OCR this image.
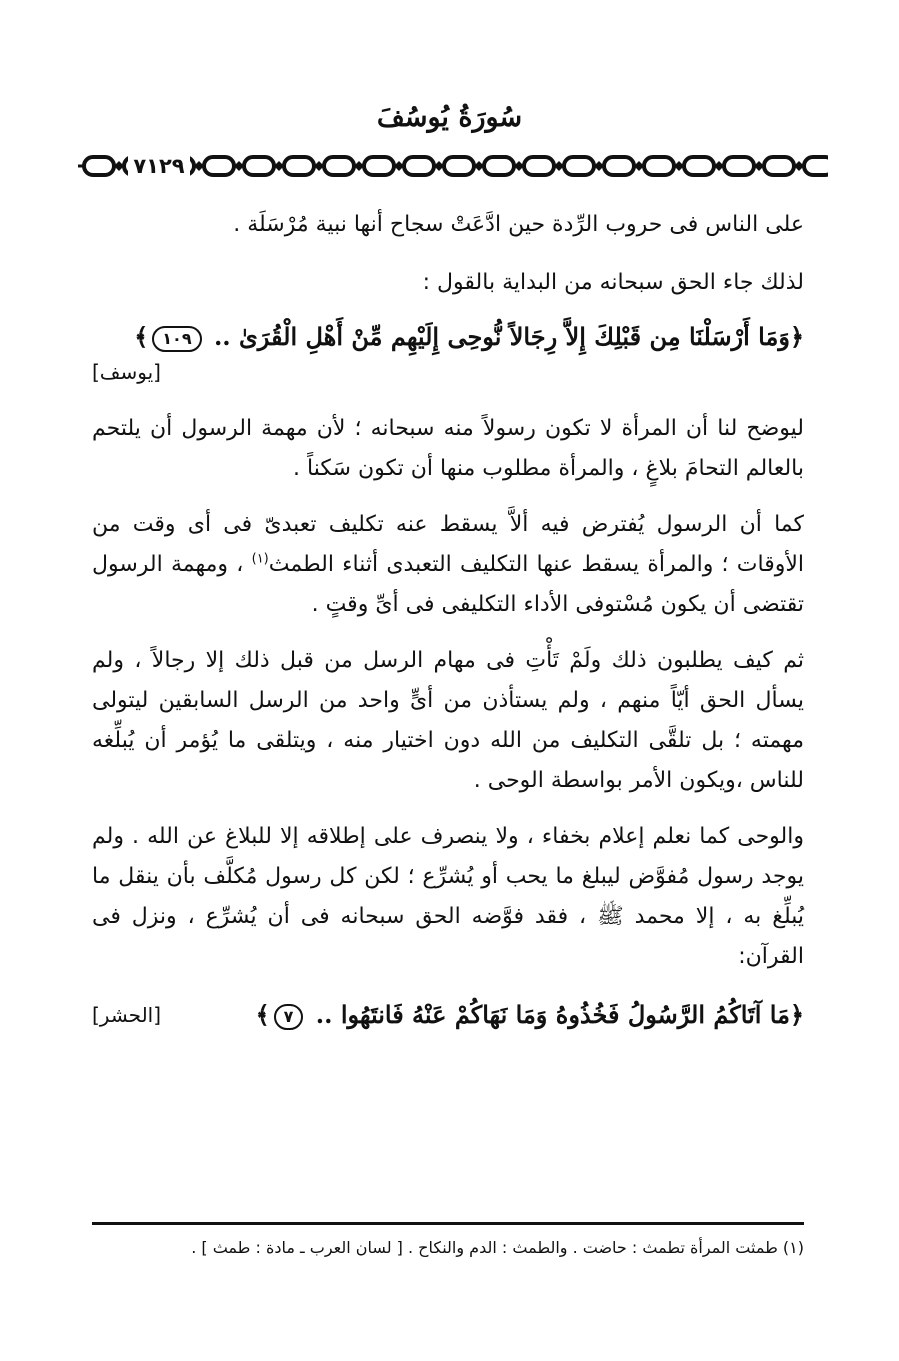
سُورَةُ يُوسُفَ
٧١٢٩

على الناس فى حروب الرِّدة حين ادَّعَتْ سجاح أنها نبية مُرْسَلَة .

لذلك جاء الحق سبحانه من البداية بالقول :

﴿وَمَا أَرْسَلْنَا مِن قَبْلِكَ إِلاَّ رِجَالاً نُّوحِى إِلَيْهِم مِّنْ أَهْلِ الْقُرَىٰ .. ١٠٩﴾

[يوسف]

ليوضح لنا أن المرأة لا تكون رسولاً منه سبحانه ؛ لأن مهمة الرسول أن يلتحم بالعالم التحامَ بلاغٍ ، والمرأة مطلوب منها أن تكون سَكناً .

كما أن الرسول يُفترض فيه ألاَّ يسقط عنه تكليف تعبدىّ فى أى وقت من الأوقات ؛ والمرأة يسقط عنها التكليف التعبدى أثناء الطمث$^{(١)}$ ، ومهمة الرسول تقتضى أن يكون مُسْتوفى الأداء التكليفى فى أىِّ وقتٍ .

ثم كيف يطلبون ذلك ولَمْ تَأْتِ فى مهام الرسل من قبل ذلك إلا رجالاً ، ولم يسأل الحق أيّاً منهم ، ولم يستأذن من أىٍّ واحد من الرسل السابقين ليتولى مهمته ؛ بل تلقَّى التكليف من الله دون اختيار منه ، ويتلقى ما يُؤمر أن يُبلِّغه للناس ،ويكون الأمر بواسطة الوحى .

والوحى كما نعلم إعلام بخفاء ، ولا ينصرف على إطلاقه إلا للبلاغ عن الله . ولم يوجد رسول مُفوَّض ليبلغ ما يحب أو يُشرِّع ؛ لكن كل رسول مُكلَّف بأن ينقل ما يُبلِّغ به ، إلا محمد ﷺ ، فقد فوَّضه الحق سبحانه فى أن يُشرِّع ، ونزل فى القرآن:

﴿مَا آتَاكُمُ الرَّسُولُ فَخُذُوهُ وَمَا نَهَاكُمْ عَنْهُ فَانتَهُوا .. ٧﴾

[الحشر]

(١) طمثت المرأة تطمث : حاضت . والطمث : الدم والنكاح . [ لسان العرب ـ مادة : طمث ] .
